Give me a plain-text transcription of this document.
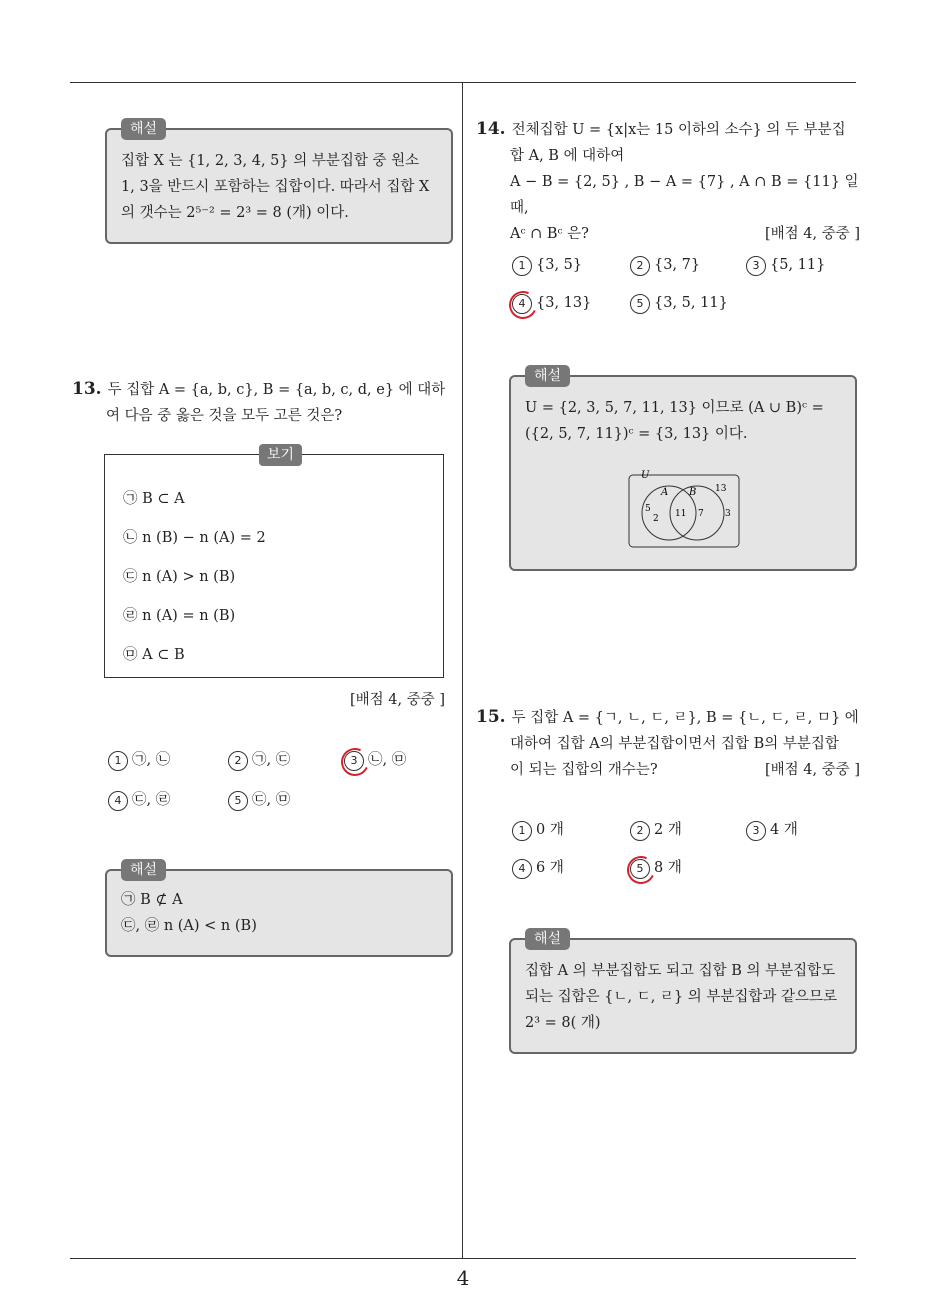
해설
집합 X 는 {1, 2, 3, 4, 5} 의 부분집합 중 원소
1, 3을 반드시 포함하는 집합이다. 따라서 집합 X
의 갯수는 2⁵⁻² = 2³ = 8 (개) 이다.
13. 두 집합 A = {a, b, c}, B = {a, b, c, d, e} 에 대하
여 다음 중 옳은 것을 모두 고른 것은?
보기
㉠ B ⊂ A
㉡ n (B) − n (A) = 2
㉢ n (A) > n (B)
㉣ n (A) = n (B)
㉤ A ⊂ B
[배점 4, 중중 ]
1 ㉠, ㉡	2 ㉠, ㉢	3 ㉡, ㉤
4 ㉢, ㉣	5 ㉢, ㉤
해설
㉠ B ⊄ A
㉢, ㉣ n (A) < n (B)
14. 전체집합 U = {x|x는 15 이하의 소수} 의 두 부분집
합 A, B 에 대하여
A − B = {2, 5} , B − A = {7} , A ∩ B = {11} 일 때,
Aᶜ ∩ Bᶜ 은?	[배점 4, 중중 ]
1 {3, 5}	2 {3, 7}	3 {5, 11}
4 {3, 13}	5 {3, 5, 11}
해설
U = {2, 3, 5, 7, 11, 13} 이므로 (A ∪ B)ᶜ =
({2, 5, 7, 11})ᶜ = {3, 13} 이다.
U
A B
5
2 11 7
13
3
15. 두 집합 A = {ㄱ, ㄴ, ㄷ, ㄹ}, B = {ㄴ, ㄷ, ㄹ, ㅁ} 에
대하여 집합 A의 부분집합이면서 집합 B의 부분집합
이 되는 집합의 개수는?	[배점 4, 중중 ]
1 0 개	2 2 개	3 4 개
4 6 개	5 8 개
해설
집합 A 의 부분집합도 되고 집합 B 의 부분집합도
되는 집합은 {ㄴ, ㄷ, ㄹ} 의 부분집합과 같으므로
2³ = 8( 개)
4
